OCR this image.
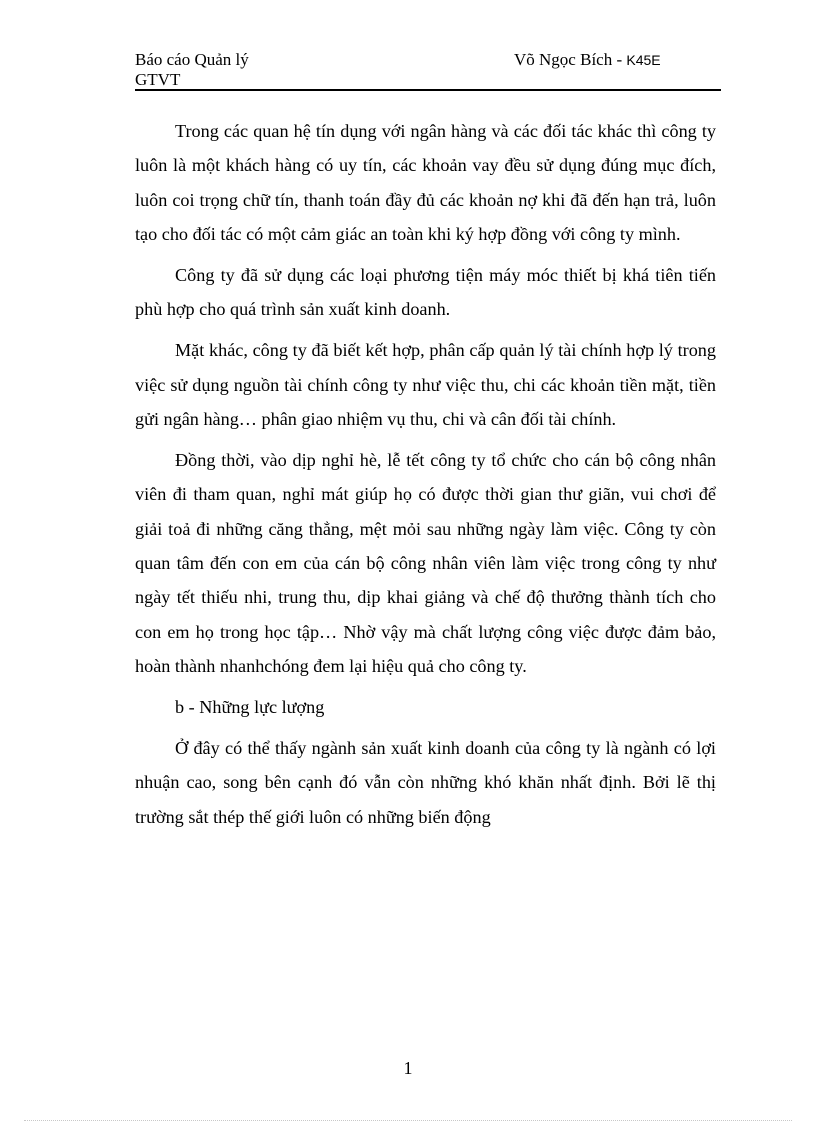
Báo cáo Quản lý
GTVT
Võ Ngọc Bích - K45E

Trong các quan hệ tín dụng với ngân hàng và các đối tác khác thì công ty luôn là một khách hàng có uy tín, các khoản vay đều sử dụng đúng mục đích, luôn coi trọng chữ tín, thanh toán đầy đủ các khoản nợ khi đã đến hạn trả, luôn tạo cho đối tác có một cảm giác an toàn khi ký hợp đồng với công ty mình.

Công ty đã sử dụng các loại phương tiện máy móc thiết bị khá tiên tiến phù hợp cho quá trình sản xuất kinh doanh.

Mặt khác, công ty đã biết kết hợp, phân cấp quản lý tài chính hợp lý trong việc sử dụng nguồn tài chính công ty như việc thu, chi các khoản tiền mặt, tiền gửi ngân hàng… phân giao nhiệm vụ thu, chi và cân đối tài chính.

Đồng thời, vào dịp nghỉ hè, lễ tết công ty tổ chức cho cán bộ công nhân viên đi tham quan, nghỉ mát giúp họ có được thời gian thư giãn, vui chơi để giải toả đi những căng thẳng, mệt mỏi sau những ngày làm việc. Công ty còn quan tâm đến con em của cán bộ công nhân viên làm việc trong công ty như ngày tết thiếu nhi, trung thu, dịp khai giảng và chế độ thưởng thành tích cho con em họ trong học tập… Nhờ vậy mà chất lượng công việc được đảm bảo, hoàn thành nhanhchóng đem lại hiệu quả cho công ty.

b - Những lực lượng

Ở đây có thể thấy ngành sản xuất kinh doanh của công ty là ngành có lợi nhuận cao, song bên cạnh đó vẫn còn những khó khăn nhất định. Bởi lẽ thị trường sắt thép thế giới luôn có những biến động

1
